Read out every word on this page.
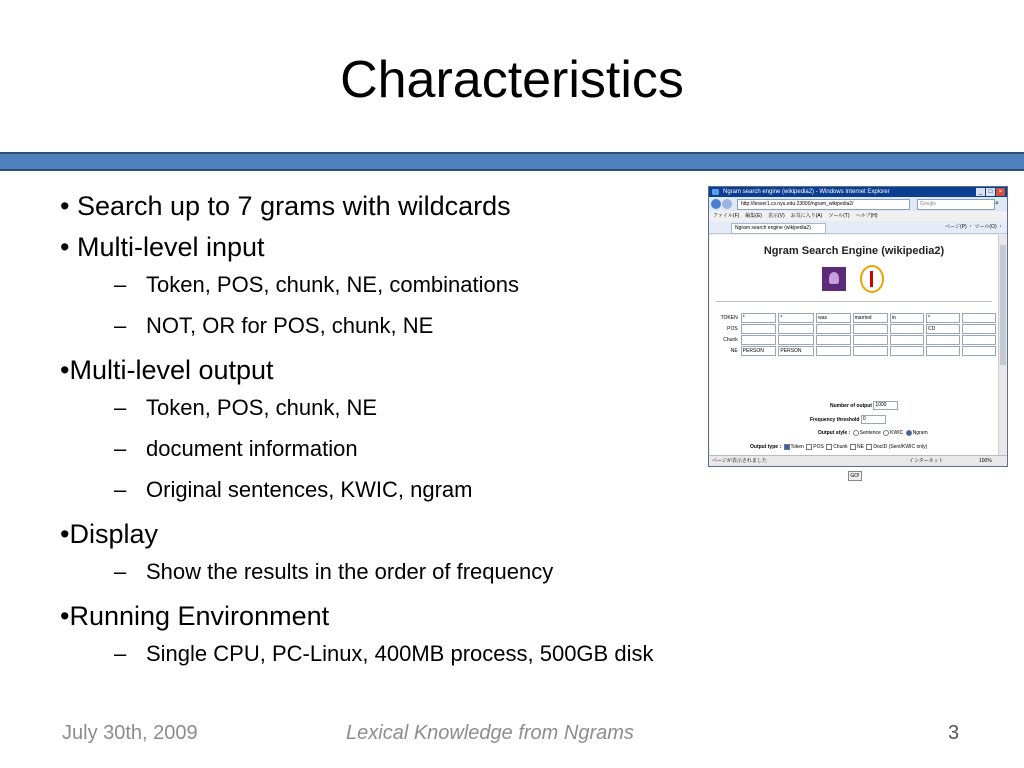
Characteristics
• Search up to 7 grams with wildcards
• Multi-level input
– Token, POS, chunk, NE, combinations
– NOT, OR for POS, chunk, NE
•Multi-level output
– Token, POS, chunk, NE
– document information
– Original sentences, KWIC, ngram
•Display
– Show the results in the order of frequency
•Running Environment
– Single CPU, PC-Linux, 400MB process, 500GB disk
Ngram search engine (wikipedia2) - Windows Internet Explorer	_	□	×
http://lesser1.cs.nyu.edu:23000/ngram_wikipedia2/	Google	⌕
ファイル(F) 編集(E) 表示(V) お気に入り(A) ツール(T) ヘルプ(H)
Ngram search engine (wikipedia2)	ページ(P) ・ ツール(O) ・
Ngram Search Engine (wikipedia2)
TOKEN	*	*	was	married	in	*	
POS						CD	
Chunk							
NE	PERSON	PERSON					
Number of output 1000
Frequency threshold 0
Output style : Sentence KWIC Ngram
Output type : Token POS Chunk NE DocID (Sent/KWIC only)
GO!
ページが表示されました	インターネット	100%
July 30th, 2009	Lexical Knowledge from Ngrams	3
